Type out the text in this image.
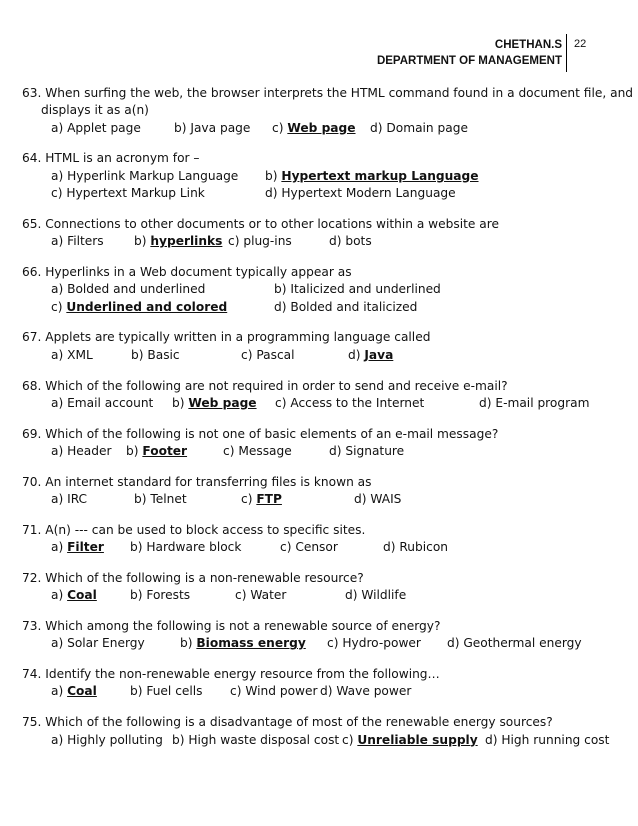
CHETHAN.S
DEPARTMENT OF MANAGEMENT
22
63. When surfing the web, the browser interprets the HTML command found in a document file, and
displays it as a(n)
a) Applet page	b) Java page c) Web page d) Domain page
64. HTML is an acronym for –
a) Hyperlink Markup Language b) Hypertext markup Language
c) Hypertext Markup Link	d) Hypertext Modern Language
65. Connections to other documents or to other locations within a website are
a) Filters b) hyperlinks c) plug-ins	d) bots
66. Hyperlinks in a Web document typically appear as
a) Bolded and underlined	b) Italicized and underlined
c) Underlined and colored	d) Bolded and italicized
67. Applets are typically written in a programming language called
a) XML	b) Basic	c) Pascal	d) Java
68. Which of the following are not required in order to send and receive e-mail?
a) Email account b) Web page c) Access to the Internet	d) E-mail program
69. Which of the following is not one of basic elements of an e-mail message?
a) Header b) Footer	c) Message	d) Signature
70. An internet standard for transferring files is known as
a) IRC	b) Telnet	c) FTP	d) WAIS
71. A(n) --- can be used to block access to specific sites.
a) Filter b) Hardware block	c) Censor	d) Rubicon
72. Which of the following is a non-renewable resource?
a) Coal	b) Forests	c) Water	d) Wildlife
73. Which among the following is not a renewable source of energy?
a) Solar Energy	b) Biomass energy c) Hydro-power d) Geothermal energy
74. Identify the non-renewable energy resource from the following…
a) Coal	b) Fuel cells c) Wind power d) Wave power
75. Which of the following is a disadvantage of most of the renewable energy sources?
a) Highly polluting b) High waste disposal cost c) Unreliable supply d) High running cost
